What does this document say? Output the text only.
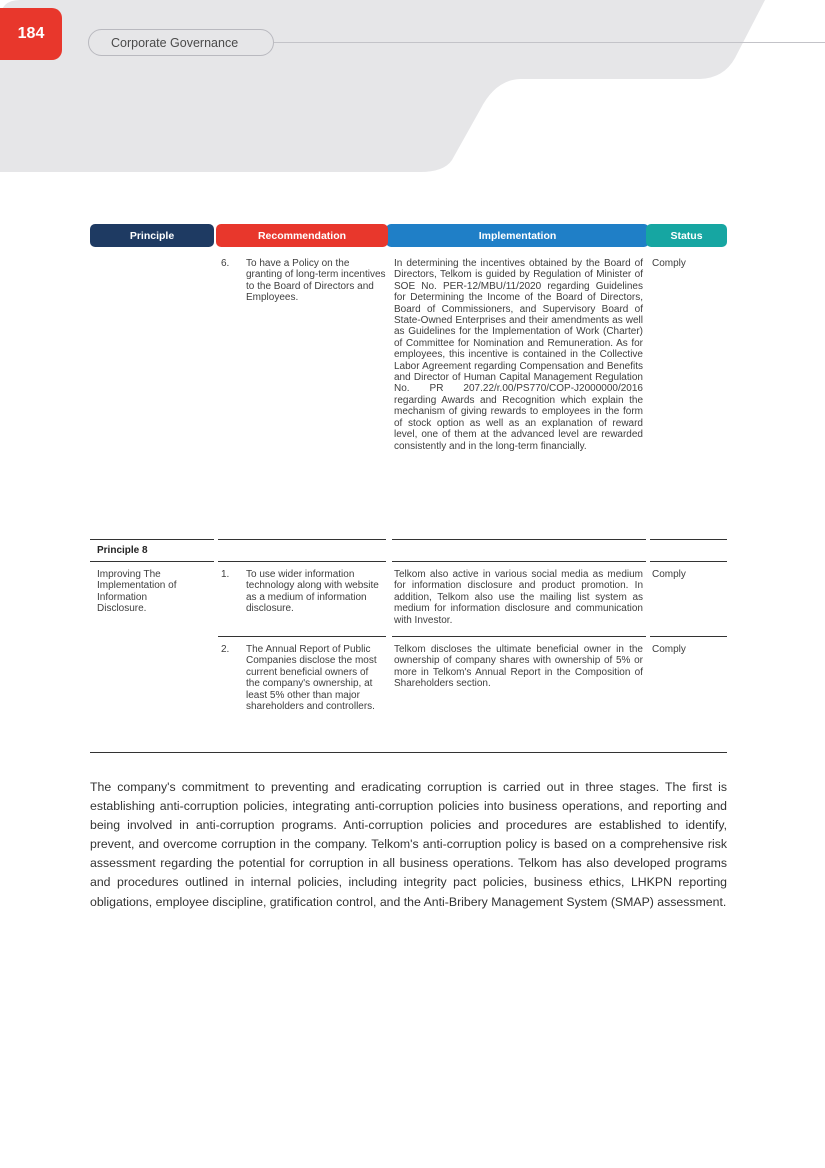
184
Corporate Governance
Principle	Implementation
Recommendation	Status
6. To have a Policy on the granting of long-term incentives to the Board of Directors and Employees.
In determining the incentives obtained by the Board of Directors, Telkom is guided by Regulation of Minister of SOE No. PER-12/MBU/11/2020 regarding Guidelines for Determining the Income of the Board of Directors, Board of Commissioners, and Supervisory Board of State-Owned Enterprises and their amendments as well as Guidelines for the Implementation of Work (Charter) of Committee for Nomination and Remuneration. As for employees, this incentive is contained in the Collective Labor Agreement regarding Compensation and Benefits and Director of Human Capital Management Regulation No. PR 207.22/r.00/PS770/COP-J2000000/2016 regarding Awards and Recognition which explain the mechanism of giving rewards to employees in the form of stock option as well as an explanation of reward level, one of them at the advanced level are rewarded consistently and in the long-term financially.
Comply
Principle 8
Improving The Implementation of Information Disclosure.
1. To use wider information technology along with website as a medium of information disclosure.
Telkom also active in various social media as medium for information disclosure and product promotion. In addition, Telkom also use the mailing list system as medium for information disclosure and communication with Investor.
Comply
2. The Annual Report of Public Companies disclose the most current beneficial owners of the company's ownership, at least 5% other than major shareholders and controllers.
Telkom discloses the ultimate beneficial owner in the ownership of company shares with ownership of 5% or more in Telkom's Annual Report in the Composition of Shareholders section.
Comply
The company's commitment to preventing and eradicating corruption is carried out in three stages. The first is establishing anti-corruption policies, integrating anti-corruption policies into business operations, and reporting and being involved in anti-corruption programs. Anti-corruption policies and procedures are established to identify, prevent, and overcome corruption in the company. Telkom's anti-corruption policy is based on a comprehensive risk assessment regarding the potential for corruption in all business operations. Telkom has also developed programs and procedures outlined in internal policies, including integrity pact policies, business ethics, LHKPN reporting obligations, employee discipline, gratification control, and the Anti-Bribery Management System (SMAP) assessment.
